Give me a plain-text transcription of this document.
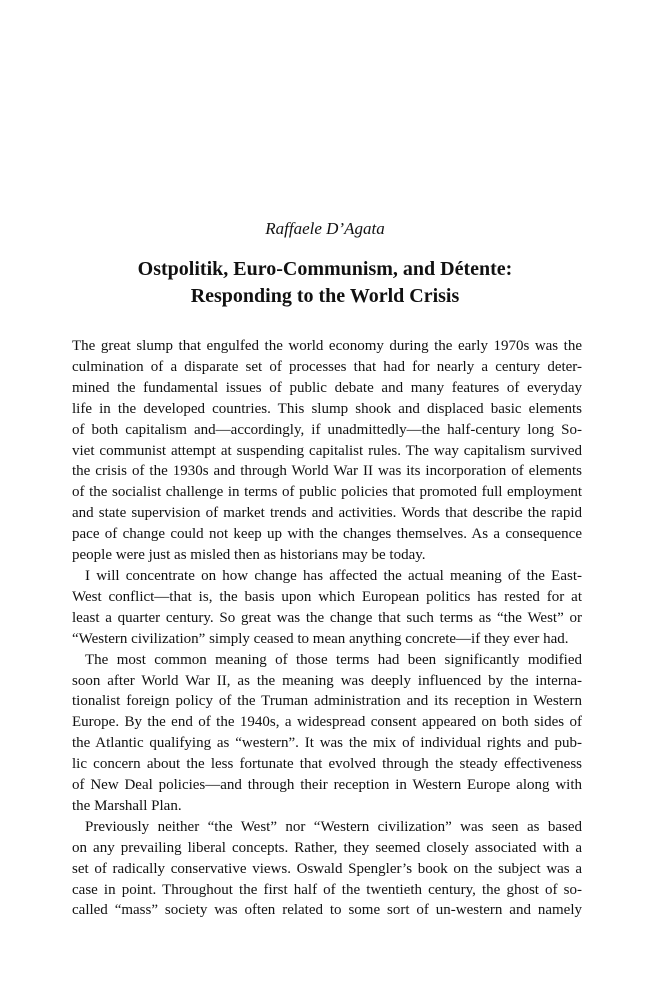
Raffaele D’Agata
Ostpolitik, Euro-Communism, and Détente:
Responding to the World Crisis
The great slump that engulfed the world economy during the early 1970s was the
culmination of a disparate set of processes that had for nearly a century deter-
mined the fundamental issues of public debate and many features of everyday
life in the developed countries. This slump shook and displaced basic elements
of both capitalism and—accordingly, if unadmittedly—the half-century long So-
viet communist attempt at suspending capitalist rules. The way capitalism survived
the crisis of the 1930s and through World War II was its incorporation of elements
of the socialist challenge in terms of public policies that promoted full employment
and state supervision of market trends and activities. Words that describe the rapid
pace of change could not keep up with the changes themselves. As a consequence
people were just as misled then as historians may be today.
I will concentrate on how change has affected the actual meaning of the East-
West conflict—that is, the basis upon which European politics has rested for at
least a quarter century. So great was the change that such terms as “the West” or
“Western civilization” simply ceased to mean anything concrete—if they ever had.
The most common meaning of those terms had been significantly modified
soon after World War II, as the meaning was deeply influenced by the interna-
tionalist foreign policy of the Truman administration and its reception in Western
Europe. By the end of the 1940s, a widespread consent appeared on both sides of
the Atlantic qualifying as “western”. It was the mix of individual rights and pub-
lic concern about the less fortunate that evolved through the steady effectiveness
of New Deal policies—and through their reception in Western Europe along with
the Marshall Plan.
Previously neither “the West” nor “Western civilization” was seen as based
on any prevailing liberal concepts. Rather, they seemed closely associated with a
set of radically conservative views. Oswald Spengler’s book on the subject was a
case in point. Throughout the first half of the twentieth century, the ghost of so-
called “mass” society was often related to some sort of un-western and namely
